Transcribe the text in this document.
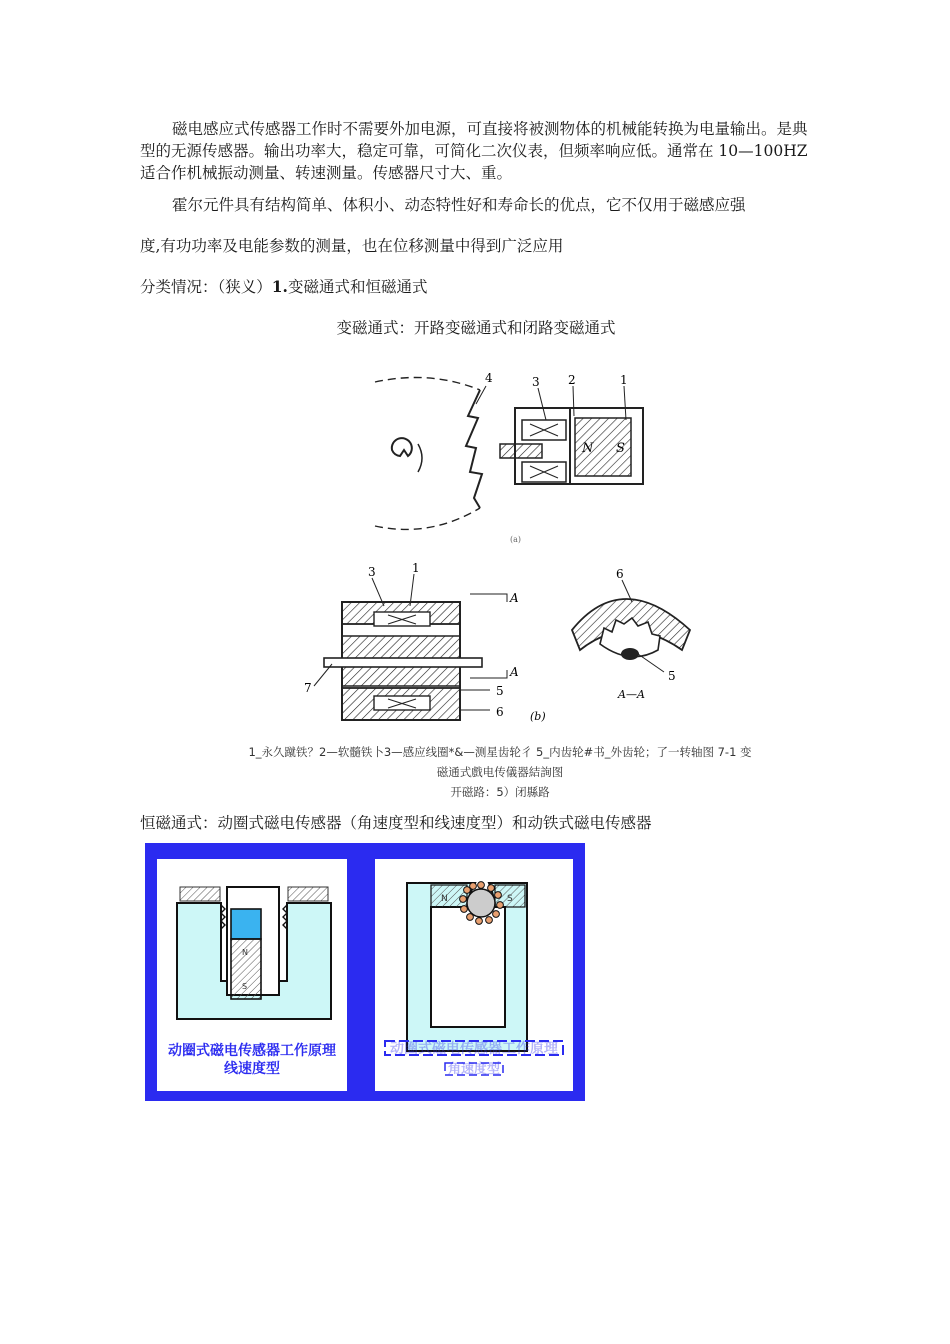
磁电感应式传感器工作时不需要外加电源，可直接将被测物体的机械能转换为电量输出。是典型的无源传感器。输出功率大，稳定可靠，可简化二次仪表，但频率响应低。通常在 10—100HZ 适合作机械振动测量、转速测量。传感器尺寸大、重。
霍尔元件具有结构简单、体积小、动态特性好和寿命长的优点，它不仅用于磁感应强
度,有功功率及电能参数的测量，也在位移测量中得到广泛应用
分类情况：（狭义）1.变磁通式和恒磁通式
变磁通式：开路变磁通式和闭路变磁通式
N S
4	3 2	1
(a)
A
A
3	1
7	5
6 (b)
6
5
A—A
1_永久蹴铁？2—软髓铁卜3—感应线圈*&—测星齿轮彳 5_内齿轮#书_外齿轮；了一转轴图 7-1 变
磁通式戲电传儀器結詢图
开磁路：5）闭縣路
恒磁通式：动圈式磁电传感器（角速度型和线速度型）和动铁式磁电传感器
N
S
动圈式磁电传感器工作原理
线速度型
N	S
动圈式磁电传感器工作原理
角速度型
